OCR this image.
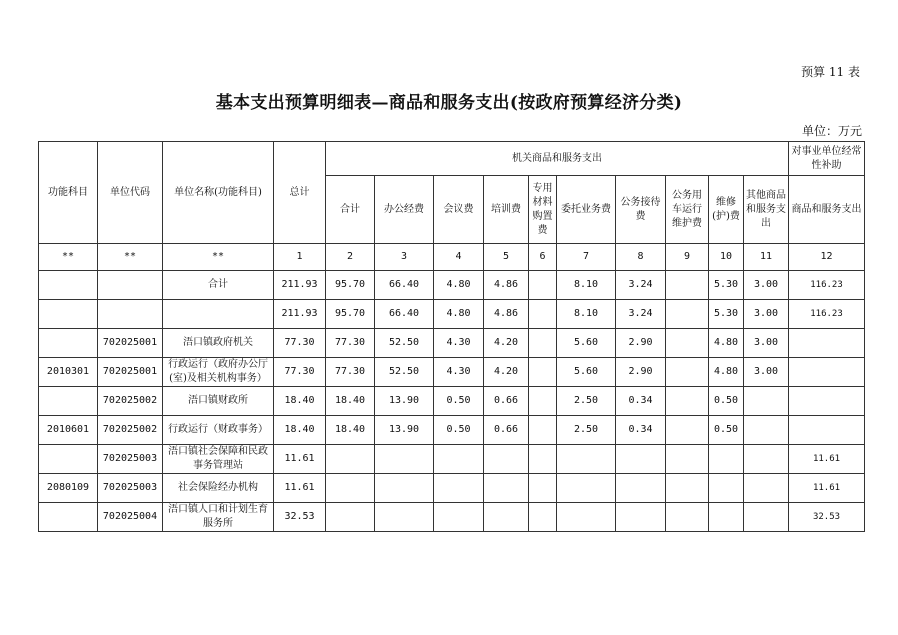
预算 11 表
基本支出预算明细表—商品和服务支出(按政府预算经济分类)
单位：万元
功能科目	单位代码	单位名称(功能科目)	总计	机关商品和服务支出										对事业单位经常性补助
				合计	办公经费	会议费	培训费	专用材料购置费	委托业务费	公务接待费	公务用车运行维护费	维修(护)费	其他商品和服务支出	商品和服务支出
**	**	**	1	2	3	4	5	6	7	8	9	10	11	12
		合计	211.93	95.70	66.40	4.80	4.86		8.10	3.24		5.30	3.00	116.23
			211.93	95.70	66.40	4.80	4.86		8.10	3.24		5.30	3.00	116.23
	702025001	浯口镇政府机关	77.30	77.30	52.50	4.30	4.20		5.60	2.90		4.80	3.00	
2010301	702025001	行政运行（政府办公厅(室)及相关机构事务）	77.30	77.30	52.50	4.30	4.20		5.60	2.90		4.80	3.00	
	702025002	浯口镇财政所	18.40	18.40	13.90	0.50	0.66		2.50	0.34		0.50		
2010601	702025002	行政运行（财政事务）	18.40	18.40	13.90	0.50	0.66		2.50	0.34		0.50		
	702025003	浯口镇社会保障和民政事务管理站	11.61											11.61
2080109	702025003	社会保险经办机构	11.61											11.61
	702025004	浯口镇人口和计划生育服务所	32.53											32.53
